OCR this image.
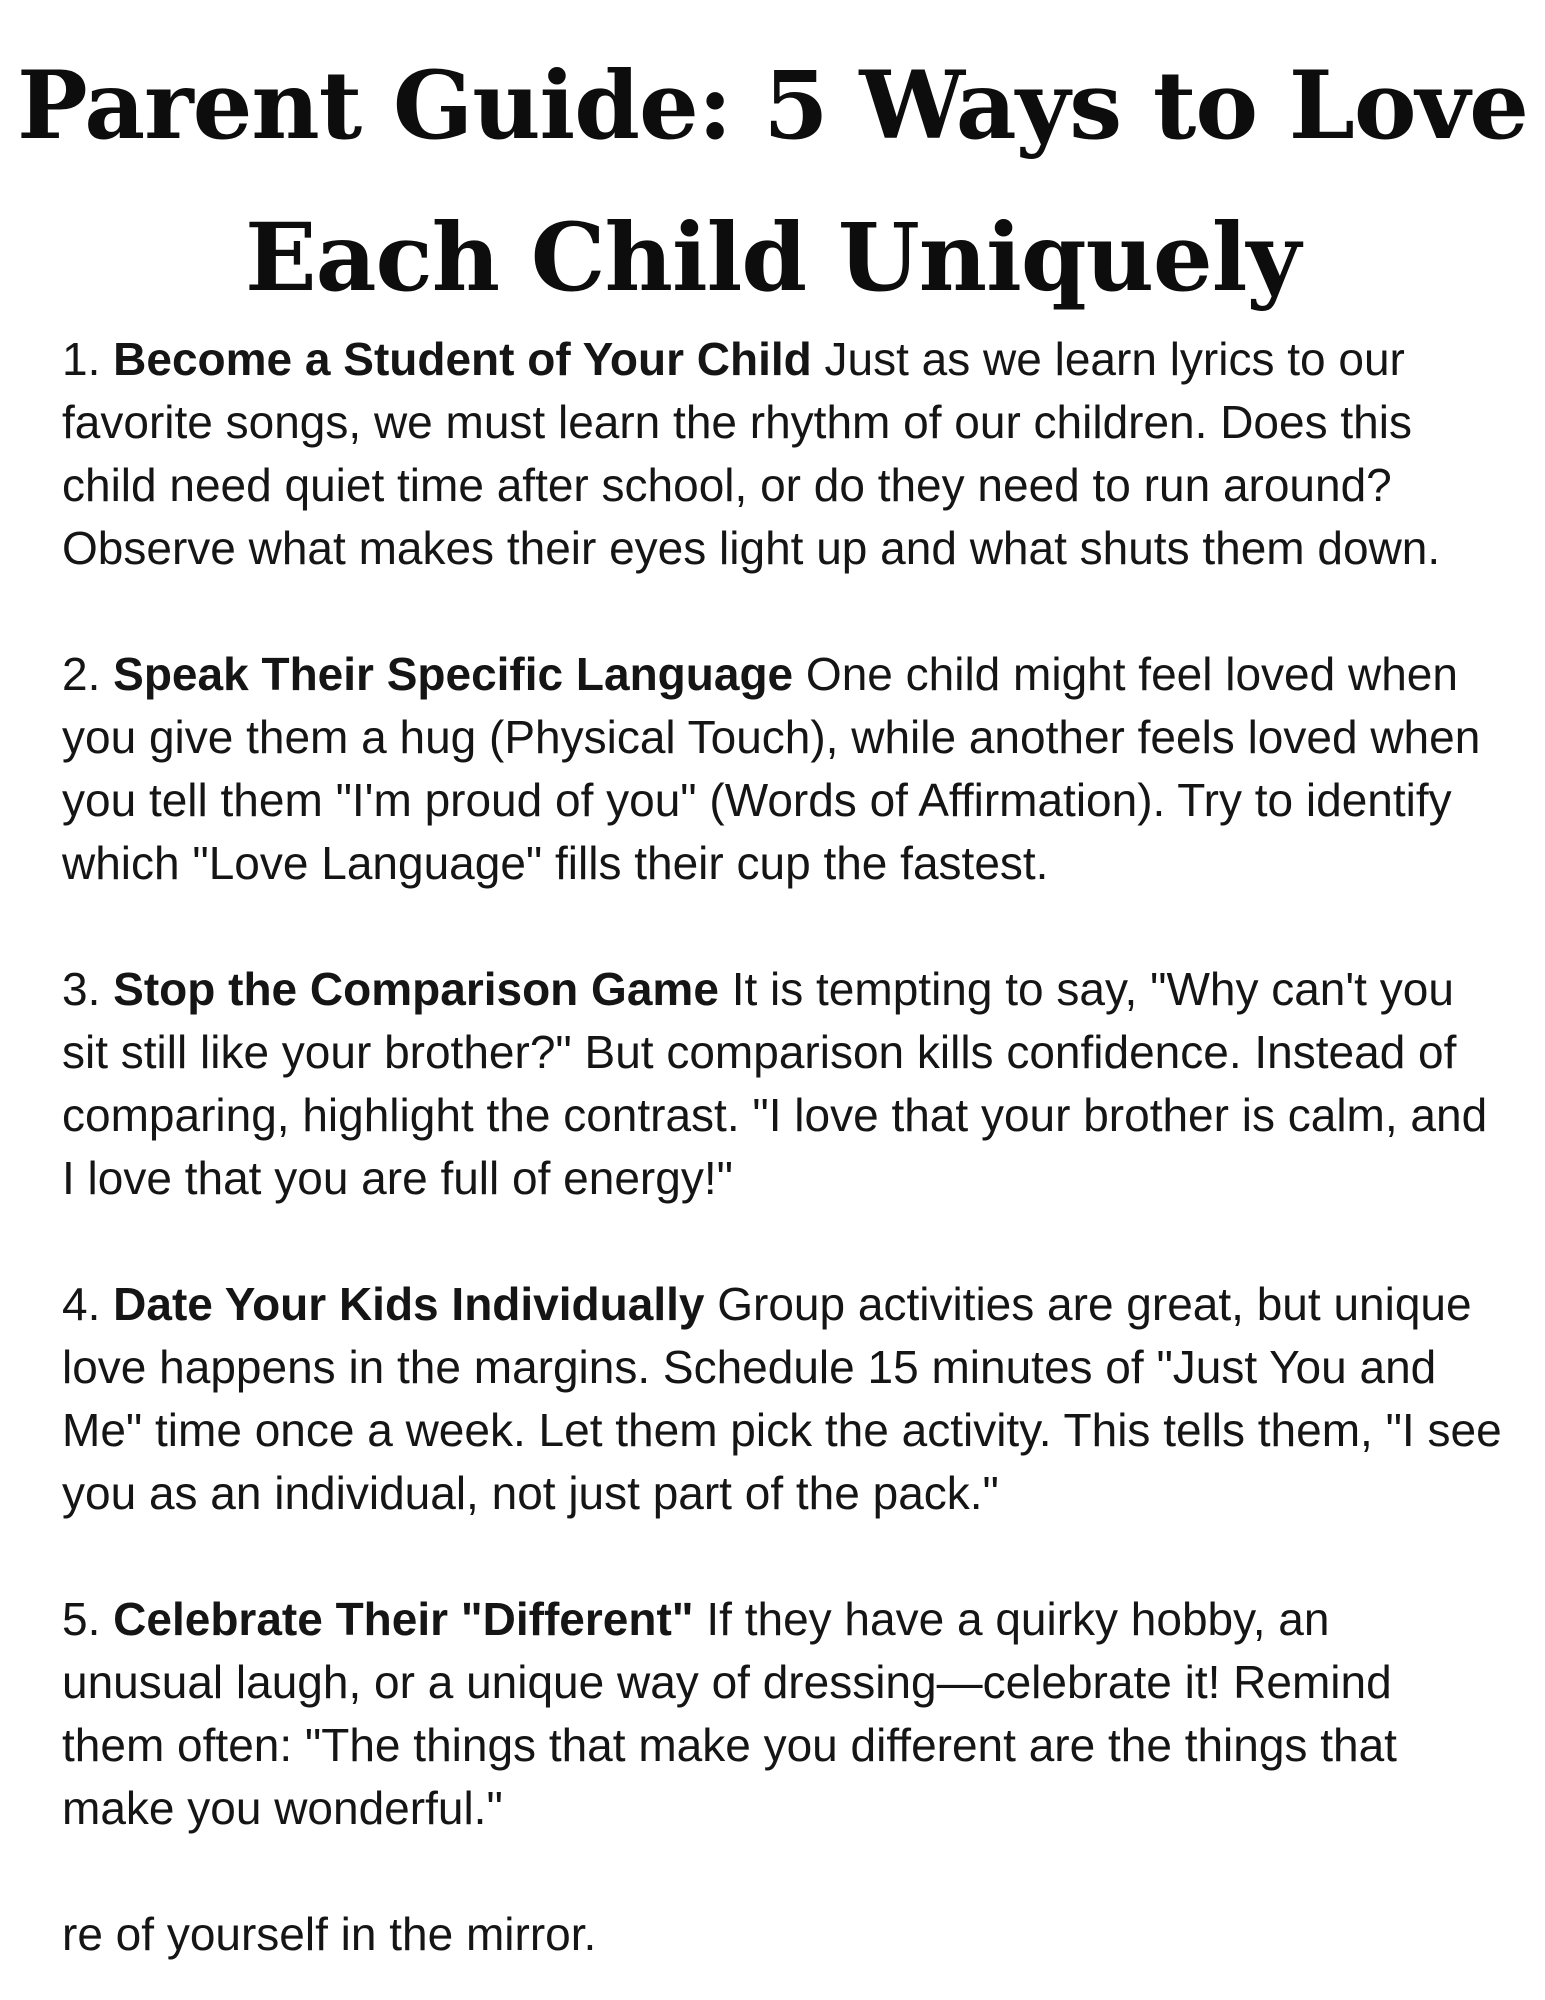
Parent Guide: 5 Ways to Love
Each Child Uniquely

1. Become a Student of Your Child Just as we learn lyrics to our favorite songs, we must learn the rhythm of our children. Does this child need quiet time after school, or do they need to run around? Observe what makes their eyes light up and what shuts them down.

2. Speak Their Specific Language One child might feel loved when you give them a hug (Physical Touch), while another feels loved when you tell them "I'm proud of you" (Words of Affirmation). Try to identify which "Love Language" fills their cup the fastest.

3. Stop the Comparison Game It is tempting to say, "Why can't you sit still like your brother?" But comparison kills confidence. Instead of comparing, highlight the contrast. "I love that your brother is calm, and I love that you are full of energy!"

4. Date Your Kids Individually Group activities are great, but unique love happens in the margins. Schedule 15 minutes of "Just You and Me" time once a week. Let them pick the activity. This tells them, "I see you as an individual, not just part of the pack."

5. Celebrate Their "Different" If they have a quirky hobby, an unusual laugh, or a unique way of dressing—celebrate it! Remind them often: "The things that make you different are the things that make you wonderful."

re of yourself in the mirror.
